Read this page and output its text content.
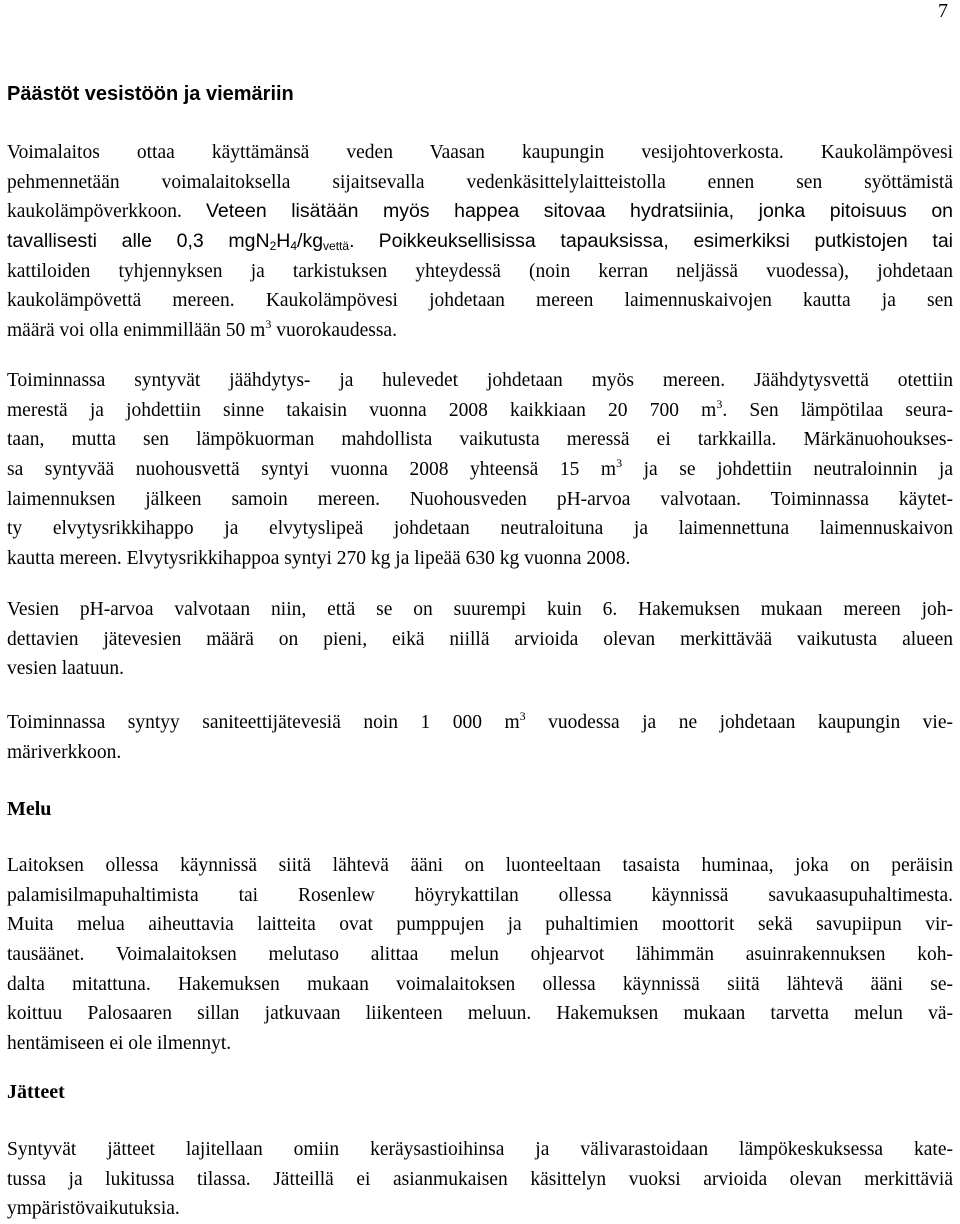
7
Päästöt vesistöön ja viemäriin
Voimalaitos ottaa käyttämänsä veden Vaasan kaupungin vesijohtoverkosta. Kaukolämpövesi
pehmennetään voimalaitoksella sijaitsevalla vedenkäsittelylaitteistolla ennen sen syöttämistä
kaukolämpöverkkoon. Veteen lisätään myös happea sitovaa hydratsiinia, jonka pitoisuus on
tavallisesti alle 0,3 $mgN_2H_4/kg_{vettä}$. Poikkeuksellisissa tapauksissa, esimerkiksi putkistojen tai
kattiloiden tyhjennyksen ja tarkistuksen yhteydessä (noin kerran neljässä vuodessa), johdetaan
kaukolämpövettä mereen. Kaukolämpövesi johdetaan mereen laimennuskaivojen kautta ja sen
määrä voi olla enimmillään 50 $m^3$ vuorokaudessa.
Toiminnassa syntyvät jäähdytys- ja hulevedet johdetaan myös mereen. Jäähdytysvettä otettiin
merestä ja johdettiin sinne takaisin vuonna 2008 kaikkiaan 20 700 $m^3$. Sen lämpötilaa seura-
taan, mutta sen lämpökuorman mahdollista vaikutusta meressä ei tarkkailla. Märkänuohoukses-
sa syntyvää nuohousvettä syntyi vuonna 2008 yhteensä 15 $m^3$ ja se johdettiin neutraloinnin ja
laimennuksen jälkeen samoin mereen. Nuohousveden pH-arvoa valvotaan. Toiminnassa käytet-
ty elvytysrikkihappo ja elvytyslipeä johdetaan neutraloituna ja laimennettuna laimennuskaivon
kautta mereen. Elvytysrikkihappoa syntyi 270 kg ja lipeää 630 kg vuonna 2008.
Vesien pH-arvoa valvotaan niin, että se on suurempi kuin 6. Hakemuksen mukaan mereen joh-
dettavien jätevesien määrä on pieni, eikä niillä arvioida olevan merkittävää vaikutusta alueen
vesien laatuun.
Toiminnassa syntyy saniteettijätevesiä noin 1 000 $m^3$ vuodessa ja ne johdetaan kaupungin vie-
märiverkkoon.
Melu
Laitoksen ollessa käynnissä siitä lähtevä ääni on luonteeltaan tasaista huminaa, joka on peräisin
palamisilmapuhaltimista tai Rosenlew höyrykattilan ollessa käynnissä savukaasupuhaltimesta.
Muita melua aiheuttavia laitteita ovat pumppujen ja puhaltimien moottorit sekä savupiipun vir-
tausäänet. Voimalaitoksen melutaso alittaa melun ohjearvot lähimmän asuinrakennuksen koh-
dalta mitattuna. Hakemuksen mukaan voimalaitoksen ollessa käynnissä siitä lähtevä ääni se-
koittuu Palosaaren sillan jatkuvaan liikenteen meluun. Hakemuksen mukaan tarvetta melun vä-
hentämiseen ei ole ilmennyt.
Jätteet
Syntyvät jätteet lajitellaan omiin keräysastioihinsa ja välivarastoidaan lämpökeskuksessa kate-
tussa ja lukitussa tilassa. Jätteillä ei asianmukaisen käsittelyn vuoksi arvioida olevan merkittäviä
ympäristövaikutuksia.
